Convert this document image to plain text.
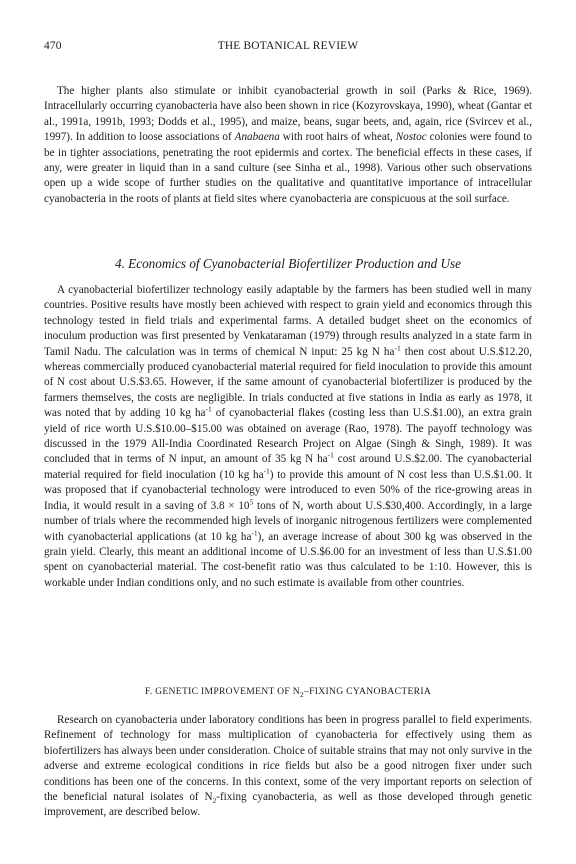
470	THE BOTANICAL REVIEW

The higher plants also stimulate or inhibit cyanobacterial growth in soil (Parks & Rice, 1969). Intracellularly occurring cyanobacteria have also been shown in rice (Kozyrovskaya, 1990), wheat (Gantar et al., 1991a, 1991b, 1993; Dodds et al., 1995), and maize, beans, sugar beets, and, again, rice (Svircev et al., 1997). In addition to loose associations of Anabaena with root hairs of wheat, Nostoc colonies were found to be in tighter associations, penetrating the root epidermis and cortex. The beneficial effects in these cases, if any, were greater in liquid than in a sand culture (see Sinha et al., 1998). Various other such observations open up a wide scope of further studies on the qualitative and quantitative importance of intracellular cyanobacteria in the roots of plants at field sites where cyanobacteria are conspicuous at the soil surface.

4. Economics of Cyanobacterial Biofertilizer Production and Use

A cyanobacterial biofertilizer technology easily adaptable by the farmers has been studied well in many countries. Positive results have mostly been achieved with respect to grain yield and economics through this technology tested in field trials and experimental farms. A detailed budget sheet on the economics of inoculum production was first presented by Venkataraman (1979) through results analyzed in a state farm in Tamil Nadu. The calculation was in terms of chemical N input: 25 kg N $ha^{-1}$ then cost about U.S.$12.20, whereas commercially produced cyanobacterial material required for field inoculation to provide this amount of N cost about U.S.$3.65. However, if the same amount of cyanobacterial biofertilizer is produced by the farmers themselves, the costs are negligible. In trials conducted at five stations in India as early as 1978, it was noted that by adding 10 kg $ha^{-1}$ of cyanobacterial flakes (costing less than U.S.$1.00), an extra grain yield of rice worth U.S.$10.00–$15.00 was obtained on average (Rao, 1978). The payoff technology was discussed in the 1979 All-India Coordinated Research Project on Algae (Singh & Singh, 1989). It was concluded that in terms of N input, an amount of 35 kg N $ha^{-1}$ cost around U.S.$2.00. The cyanobacterial material required for field inoculation (10 kg $ha^{-1}$) to provide this amount of N cost less than U.S.$1.00. It was proposed that if cyanobacterial technology were introduced to even 50% of the rice-growing areas in India, it would result in a saving of $3.8 \times 10^5$ tons of N, worth about U.S.$30,400. Accordingly, in a large number of trials where the recommended high levels of inorganic nitrogenous fertilizers were complemented with cyanobacterial applications (at 10 kg $ha^{-1}$), an average increase of about 300 kg was observed in the grain yield. Clearly, this meant an additional income of U.S.$6.00 for an investment of less than U.S.$1.00 spent on cyanobacterial material. The cost-benefit ratio was thus calculated to be 1:10. However, this is workable under Indian conditions only, and no such estimate is available from other countries.

F. GENETIC IMPROVEMENT OF $N_2$–FIXING CYANOBACTERIA

Research on cyanobacteria under laboratory conditions has been in progress parallel to field experiments. Refinement of technology for mass multiplication of cyanobacteria for effectively using them as biofertilizers has always been under consideration. Choice of suitable strains that may not only survive in the adverse and extreme ecological conditions in rice fields but also be a good nitrogen fixer under such conditions has been one of the concerns. In this context, some of the very important reports on selection of the beneficial natural isolates of $N_2$-fixing cyanobacteria, as well as those developed through genetic improvement, are described below.
